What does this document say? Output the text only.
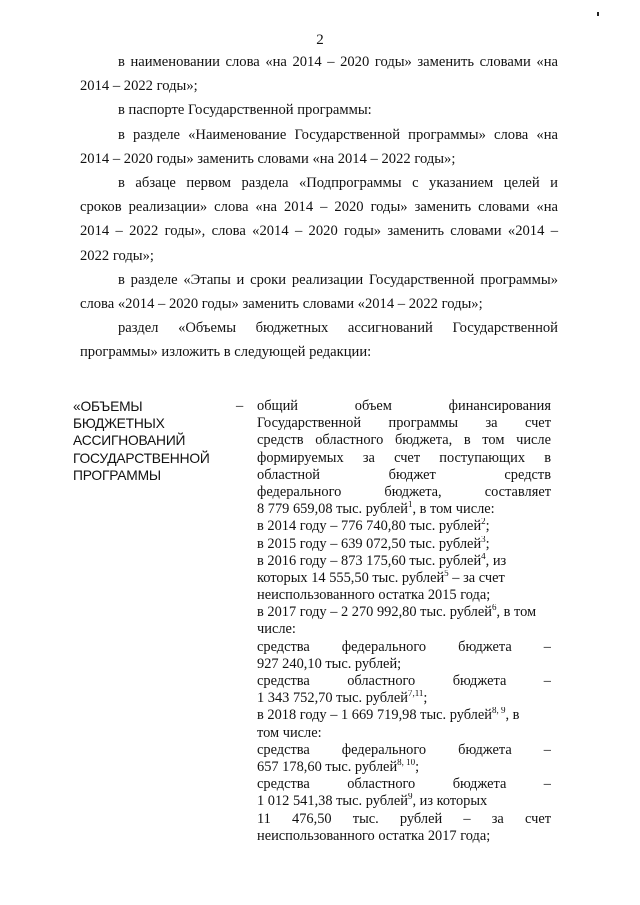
2

в наименовании слова «на 2014 – 2020 годы» заменить словами «на

2014 – 2022 годы»;

в паспорте Государственной программы:

в разделе «Наименование Государственной программы» слова «на

2014 – 2020 годы» заменить словами «на 2014 – 2022 годы»;

в абзаце первом раздела «Подпрограммы с указанием целей и

сроков реализации» слова «на 2014 – 2020 годы» заменить словами «на

2014 – 2022 годы», слова «2014 – 2020 годы» заменить словами «2014 –

2022 годы»;

в разделе «Этапы и сроки реализации Государственной программы»

слова «2014 – 2020 годы» заменить словами «2014 – 2022 годы»;

раздел «Объемы бюджетных ассигнований Государственной

программы» изложить в следующей редакции:

«ОБЪЕМЫ
БЮДЖЕТНЫХ
АССИГНОВАНИЙ
ГОСУДАРСТВЕННОЙ
ПРОГРАММЫ
– общий объем финансирования
Государственной программы за счет
средств областного бюджета, в том числе
формируемых за счет поступающих в
областной бюджет средств
федерального бюджета, составляет
8 779 659,08 тыс. рублей$^1$, в том числе:
в 2014 году – 776 740,80 тыс. рублей$^2$;
в 2015 году – 639 072,50 тыс. рублей$^3$;
в 2016 году – 873 175,60 тыс. рублей$^4$, из
которых 14 555,50 тыс. рублей$^5$ – за счет
неиспользованного остатка 2015 года;
в 2017 году – 2 270 992,80 тыс. рублей$^6$, в том
числе:
средства федерального бюджета –
927 240,10 тыс. рублей;
средства областного бюджета –
1 343 752,70 тыс. рублей$^{7,11}$;
в 2018 году – 1 669 719,98 тыс. рублей$^{8, 9}$, в
том числе:
средства федерального бюджета –
657 178,60 тыс. рублей$^{8, 10}$;
средства областного бюджета –
1 012 541,38 тыс. рублей$^9$, из которых
11 476,50 тыс. рублей – за счет
неиспользованного остатка 2017 года;
